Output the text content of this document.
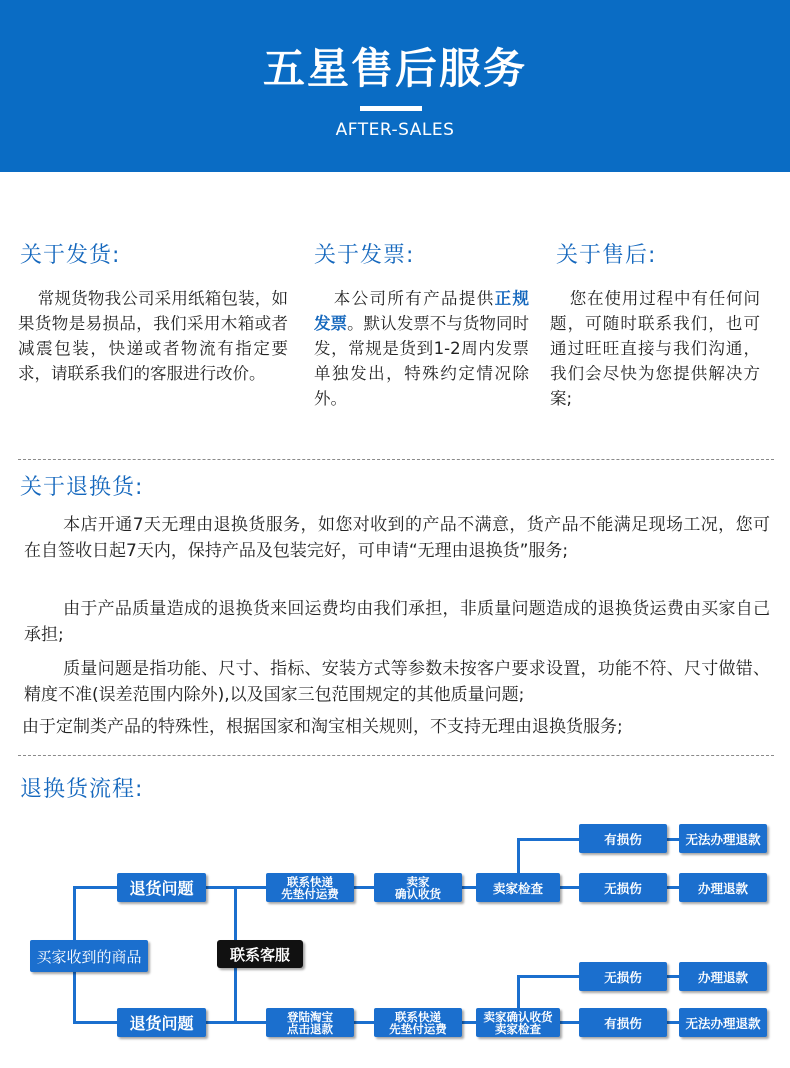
五星售后服务
AFTER-SALES
关于发货:

常规货物我公司采用纸箱包装，如果货物是易损品，我们采用木箱或者减震包装，快递或者物流有指定要求，请联系我们的客服进行改价。

关于发票:

本公司所有产品提供正规发票。默认发票不与货物同时发，常规是货到1-2周内发票单独发出，特殊约定情况除外。

关于售后:

您在使用过程中有任何问题，可随时联系我们，也可通过旺旺直接与我们沟通，我们会尽快为您提供解决方案;

关于退换货:

本店开通7天无理由退换货服务，如您对收到的产品不满意，货产品不能满足现场工况，您可在自签收日起7天内，保持产品及包装完好，可申请“无理由退换货”服务;

由于产品质量造成的退换货来回运费均由我们承担，非质量问题造成的退换货运费由买家自己承担;

质量问题是指功能、尺寸、指标、安装方式等参数未按客户要求设置，功能不符、尺寸做错、精度不准(误差范围内除外),以及国家三包范围规定的其他质量问题;

由于定制类产品的特殊性，根据国家和淘宝相关规则，不支持无理由退换货服务;

退换货流程:
买家收到的商品	联系客服
退货问题	联系快递
先垫付运费
卖家
确认收货	卖家检查
有损伤	无法办理退款
无损伤	办理退款
退货问题	登陆淘宝
点击退款
联系快递
先垫付运费
卖家确认收货
卖家检查
无损伤	办理退款
有损伤	无法办理退款
